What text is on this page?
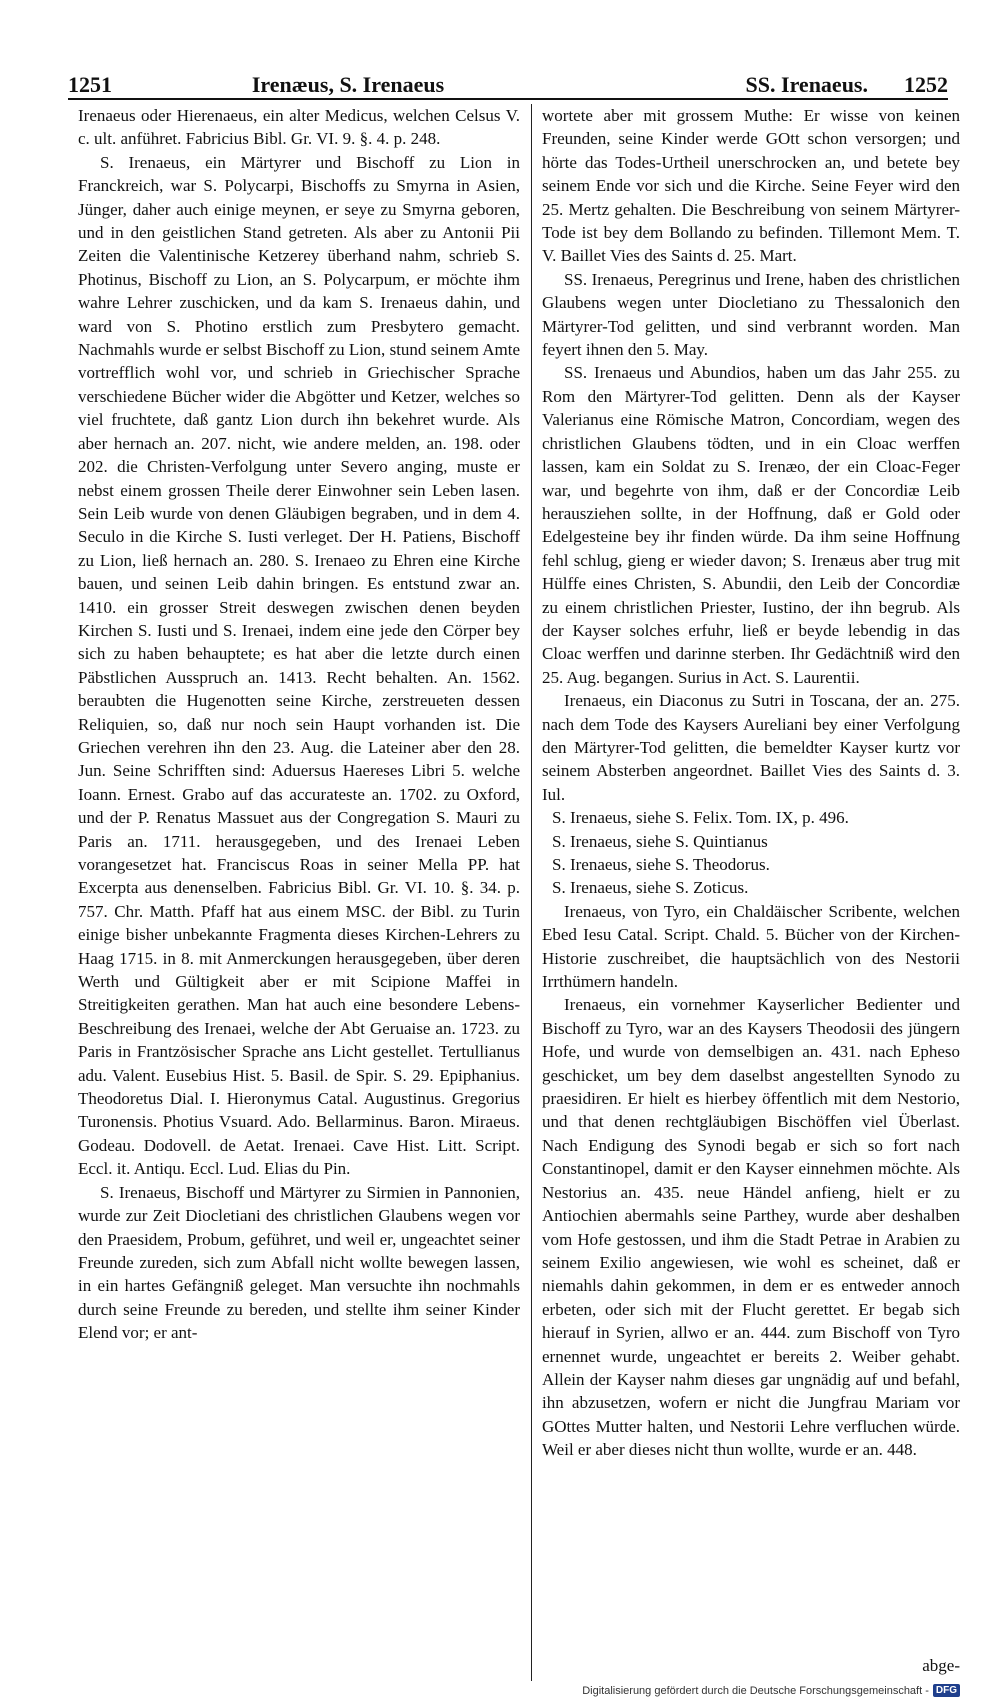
1251	Irenæus, S. Irenaeus	SS. Irenaeus.	1252

Irenaeus oder Hierenaeus, ein alter Medicus, welchen Celsus V. c. ult. anführet. Fabricius Bibl. Gr. VI. 9. §. 4. p. 248.

S. Irenaeus, ein Märtyrer und Bischoff zu Lion in Franckreich, war S. Polycarpi, Bischoffs zu Smyrna in Asien, Jünger, daher auch einige meynen, er seye zu Smyrna geboren, und in den geistlichen Stand getreten. Als aber zu Antonii Pii Zeiten die Valentinische Ketzerey überhand nahm, schrieb S. Photinus, Bischoff zu Lion, an S. Polycarpum, er möchte ihm wahre Lehrer zuschicken, und da kam S. Irenaeus dahin, und ward von S. Photino erstlich zum Presbytero gemacht. Nachmahls wurde er selbst Bischoff zu Lion, stund seinem Amte vortrefflich wohl vor, und schrieb in Griechischer Sprache verschiedene Bücher wider die Abgötter und Ketzer, welches so viel fruchtete, daß gantz Lion durch ihn bekehret wurde. Als aber hernach an. 207. nicht, wie andere melden, an. 198. oder 202. die Christen-Verfolgung unter Severo anging, muste er nebst einem grossen Theile derer Einwohner sein Leben lasen. Sein Leib wurde von denen Gläubigen begraben, und in dem 4. Seculo in die Kirche S. Iusti verleget. Der H. Patiens, Bischoff zu Lion, ließ hernach an. 280. S. Irenaeo zu Ehren eine Kirche bauen, und seinen Leib dahin bringen. Es entstund zwar an. 1410. ein grosser Streit deswegen zwischen denen beyden Kirchen S. Iusti und S. Irenaei, indem eine jede den Cörper bey sich zu haben behauptete; es hat aber die letzte durch einen Päbstlichen Ausspruch an. 1413. Recht behalten. An. 1562. beraubten die Hugenotten seine Kirche, zerstreueten dessen Reliquien, so, daß nur noch sein Haupt vorhanden ist. Die Griechen verehren ihn den 23. Aug. die Lateiner aber den 28. Jun. Seine Schrifften sind: Aduersus Haereses Libri 5. welche Ioann. Ernest. Grabo auf das accurateste an. 1702. zu Oxford, und der P. Renatus Massuet aus der Congregation S. Mauri zu Paris an. 1711. herausgegeben, und des Irenaei Leben vorangesetzet hat. Franciscus Roas in seiner Mella PP. hat Excerpta aus denenselben. Fabricius Bibl. Gr. VI. 10. §. 34. p. 757. Chr. Matth. Pfaff hat aus einem MSC. der Bibl. zu Turin einige bisher unbekannte Fragmenta dieses Kirchen-Lehrers zu Haag 1715. in 8. mit Anmerckungen herausgegeben, über deren Werth und Gültigkeit aber er mit Scipione Maffei in Streitigkeiten gerathen. Man hat auch eine besondere Lebens-Beschreibung des Irenaei, welche der Abt Geruaise an. 1723. zu Paris in Frantzösischer Sprache ans Licht gestellet. Tertullianus adu. Valent. Eusebius Hist. 5. Basil. de Spir. S. 29. Epiphanius. Theodoretus Dial. I. Hieronymus Catal. Augustinus. Gregorius Turonensis. Photius Vsuard. Ado. Bellarminus. Baron. Miraeus. Godeau. Dodovell. de Aetat. Irenaei. Cave Hist. Litt. Script. Eccl. it. Antiqu. Eccl. Lud. Elias du Pin.

S. Irenaeus, Bischoff und Märtyrer zu Sirmien in Pannonien, wurde zur Zeit Diocletiani des christlichen Glaubens wegen vor den Praesidem, Probum, geführet, und weil er, ungeachtet seiner Freunde zureden, sich zum Abfall nicht wollte bewegen lassen, in ein hartes Gefängniß geleget. Man versuchte ihn nochmahls durch seine Freunde zu bereden, und stellte ihm seiner Kinder Elend vor; er ant-

wortete aber mit grossem Muthe: Er wisse von keinen Freunden, seine Kinder werde GOtt schon versorgen; und hörte das Todes-Urtheil unerschrocken an, und betete bey seinem Ende vor sich und die Kirche. Seine Feyer wird den 25. Mertz gehalten. Die Beschreibung von seinem Märtyrer-Tode ist bey dem Bollando zu befinden. Tillemont Mem. T. V. Baillet Vies des Saints d. 25. Mart.

SS. Irenaeus, Peregrinus und Irene, haben des christlichen Glaubens wegen unter Diocletiano zu Thessalonich den Märtyrer-Tod gelitten, und sind verbrannt worden. Man feyert ihnen den 5. May.

SS. Irenaeus und Abundios, haben um das Jahr 255. zu Rom den Märtyrer-Tod gelitten. Denn als der Kayser Valerianus eine Römische Matron, Concordiam, wegen des christlichen Glaubens tödten, und in ein Cloac werffen lassen, kam ein Soldat zu S. Irenæo, der ein Cloac-Feger war, und begehrte von ihm, daß er der Concordiæ Leib herausziehen sollte, in der Hoffnung, daß er Gold oder Edelgesteine bey ihr finden würde. Da ihm seine Hoffnung fehl schlug, gieng er wieder davon; S. Irenæus aber trug mit Hülffe eines Christen, S. Abundii, den Leib der Concordiæ zu einem christlichen Priester, Iustino, der ihn begrub. Als der Kayser solches erfuhr, ließ er beyde lebendig in das Cloac werffen und darinne sterben. Ihr Gedächtniß wird den 25. Aug. begangen. Surius in Act. S. Laurentii.

Irenaeus, ein Diaconus zu Sutri in Toscana, der an. 275. nach dem Tode des Kaysers Aureliani bey einer Verfolgung den Märtyrer-Tod gelitten, die bemeldter Kayser kurtz vor seinem Absterben angeordnet. Baillet Vies des Saints d. 3. Iul.

S. Irenaeus, siehe S. Felix. Tom. IX, p. 496.

S. Irenaeus, siehe S. Quintianus

S. Irenaeus, siehe S. Theodorus.

S. Irenaeus, siehe S. Zoticus.

Irenaeus, von Tyro, ein Chaldäischer Scribente, welchen Ebed Iesu Catal. Script. Chald. 5. Bücher von der Kirchen-Historie zuschreibet, die hauptsächlich von des Nestorii Irrthümern handeln.

Irenaeus, ein vornehmer Kayserlicher Bedienter und Bischoff zu Tyro, war an des Kaysers Theodosii des jüngern Hofe, und wurde von demselbigen an. 431. nach Epheso geschicket, um bey dem daselbst angestellten Synodo zu praesidiren. Er hielt es hierbey öffentlich mit dem Nestorio, und that denen rechtgläubigen Bischöffen viel Überlast. Nach Endigung des Synodi begab er sich so fort nach Constantinopel, damit er den Kayser einnehmen möchte. Als Nestorius an. 435. neue Händel anfieng, hielt er zu Antiochien abermahls seine Parthey, wurde aber deshalben vom Hofe gestossen, und ihm die Stadt Petrae in Arabien zu seinem Exilio angewiesen, wie wohl es scheinet, daß er niemahls dahin gekommen, in dem er es entweder annoch erbeten, oder sich mit der Flucht gerettet. Er begab sich hierauf in Syrien, allwo er an. 444. zum Bischoff von Tyro ernennet wurde, ungeachtet er bereits 2. Weiber gehabt. Allein der Kayser nahm dieses gar ungnädig auf und befahl, ihn abzusetzen, wofern er nicht die Jungfrau Mariam vor GOttes Mutter halten, und Nestorii Lehre verfluchen würde. Weil er aber dieses nicht thun wollte, wurde er an. 448.

abge-
Digitalisierung gefördert durch die Deutsche Forschungsgemeinschaft - DFG
